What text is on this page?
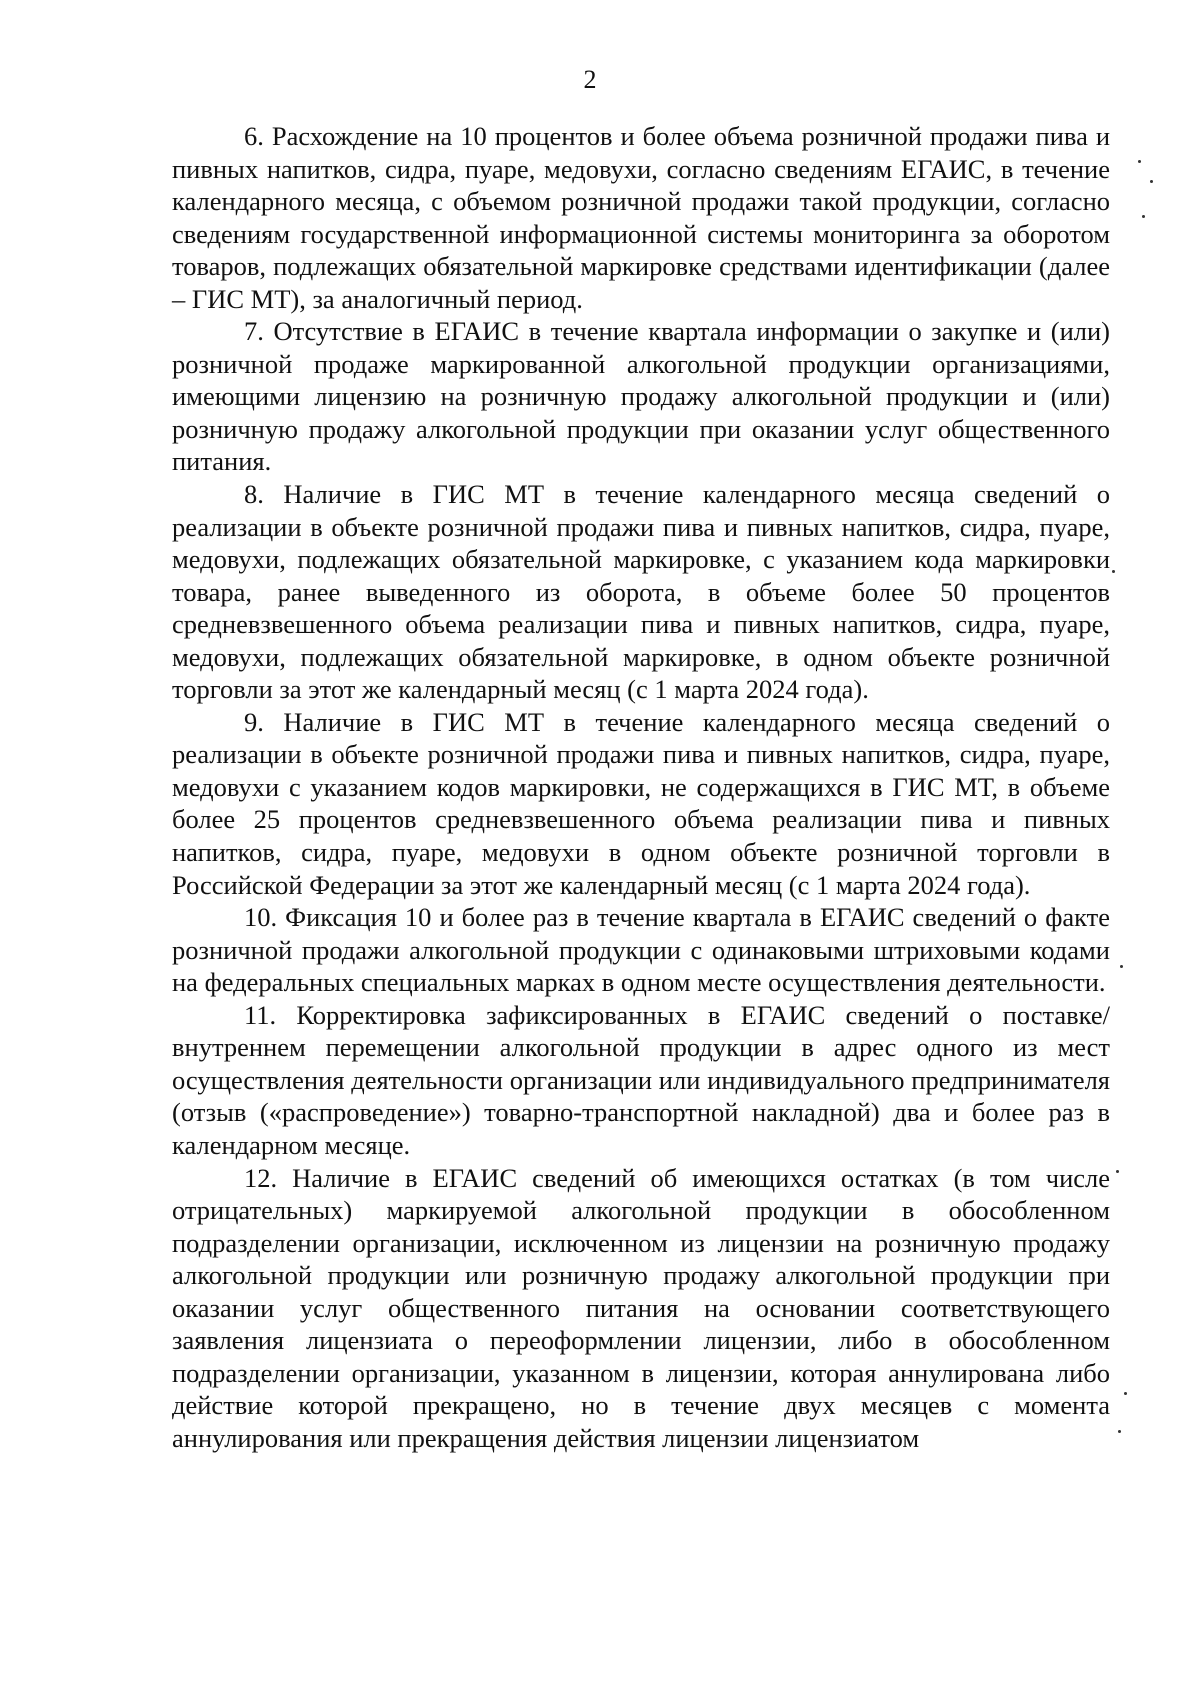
2

6. Расхождение на 10 процентов и более объема розничной продажи пива и пивных напитков, сидра, пуаре, медовухи, согласно сведениям ЕГАИС, в течение календарного месяца, с объемом розничной продажи такой продукции, согласно сведениям государственной информационной системы мониторинга за оборотом товаров, подлежащих обязательной маркировке средствами идентификации (далее – ГИС МТ), за аналогичный период.

7. Отсутствие в ЕГАИС в течение квартала информации о закупке и (или) розничной продаже маркированной алкогольной продукции организациями, имеющими лицензию на розничную продажу алкогольной продукции и (или) розничную продажу алкогольной продукции при оказании услуг общественного питания.

8. Наличие в ГИС МТ в течение календарного месяца сведений о реализации в объекте розничной продажи пива и пивных напитков, сидра, пуаре, медовухи, подлежащих обязательной маркировке, с указанием кода маркировки товара, ранее выведенного из оборота, в объеме более 50 процентов средневзвешенного объема реализации пива и пивных напитков, сидра, пуаре, медовухи, подлежащих обязательной маркировке, в одном объекте розничной торговли за этот же календарный месяц (с 1 марта 2024 года).

9. Наличие в ГИС МТ в течение календарного месяца сведений о реализации в объекте розничной продажи пива и пивных напитков, сидра, пуаре, медовухи с указанием кодов маркировки, не содержащихся в ГИС МТ, в объеме более 25 процентов средневзвешенного объема реализации пива и пивных напитков, сидра, пуаре, медовухи в одном объекте розничной торговли в Российской Федерации за этот же календарный месяц (с 1 марта 2024 года).

10. Фиксация 10 и более раз в течение квартала в ЕГАИС сведений о факте розничной продажи алкогольной продукции с одинаковыми штриховыми кодами на федеральных специальных марках в одном месте осуществления деятельности.

11. Корректировка зафиксированных в ЕГАИС сведений о поставке/ внутреннем перемещении алкогольной продукции в адрес одного из мест осуществления деятельности организации или индивидуального предпринимателя (отзыв («распроведение») товарно-транспортной накладной) два и более раз в календарном месяце.

12. Наличие в ЕГАИС сведений об имеющихся остатках (в том числе отрицательных) маркируемой алкогольной продукции в обособленном подразделении организации, исключенном из лицензии на розничную продажу алкогольной продукции или розничную продажу алкогольной продукции при оказании услуг общественного питания на основании соответствующего заявления лицензиата о переоформлении лицензии, либо в обособленном подразделении организации, указанном в лицензии, которая аннулирована либо действие которой прекращено, но в течение двух месяцев с момента аннулирования или прекращения действия лицензии лицензиатом
